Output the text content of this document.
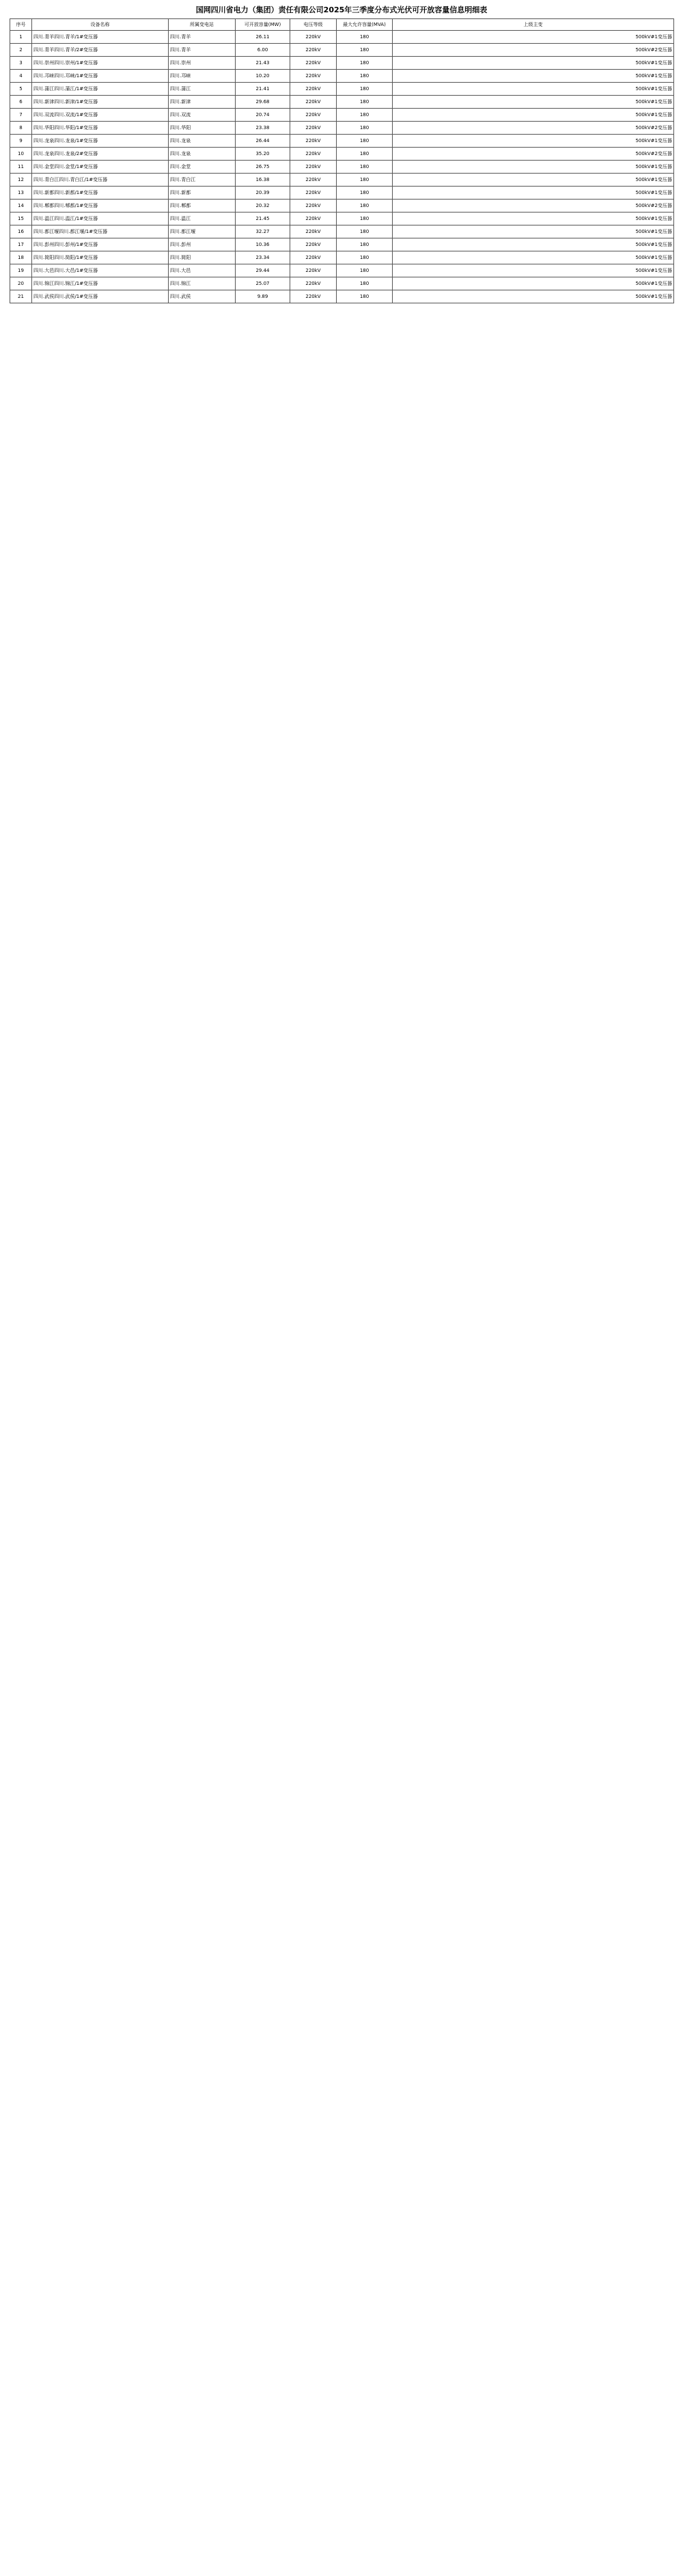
国网四川省电力（集团）责任有限公司2025年三季度分布式光伏可开放容量信息明细表
序号	设备名称	所属变电站	可开放容量(MW)	电压等级	最大允许容量(MVA)	上级主变
1	四川.青羊四川.青羊/1#变压器	四川.青羊	26.11	220kV	180	500kV#1变压器
2	四川.青羊四川.青羊/2#变压器	四川.青羊	6.00	220kV	180	500kV#2变压器
3	四川.崇州四川.崇州/1#变压器	四川.崇州	21.43	220kV	180	500kV#1变压器
4	四川.邛崃四川.邛崃/1#变压器	四川.邛崃	10.20	220kV	180	500kV#1变压器
5	四川.蒲江四川.蒲江/1#变压器	四川.蒲江	21.41	220kV	180	500kV#1变压器
6	四川.新津四川.新津/1#变压器	四川.新津	29.68	220kV	180	500kV#1变压器
7	四川.双流四川.双流/1#变压器	四川.双流	20.74	220kV	180	500kV#1变压器
8	四川.华阳四川.华阳/1#变压器	四川.华阳	23.38	220kV	180	500kV#2变压器
9	四川.龙泉四川.龙泉/1#变压器	四川.龙泉	26.44	220kV	180	500kV#1变压器
10	四川.龙泉四川.龙泉/2#变压器	四川.龙泉	35.20	220kV	180	500kV#2变压器
11	四川.金堂四川.金堂/1#变压器	四川.金堂	26.75	220kV	180	500kV#1变压器
12	四川.青白江四川.青白江/1#变压器	四川.青白江	16.38	220kV	180	500kV#1变压器
13	四川.新都四川.新都/1#变压器	四川.新都	20.39	220kV	180	500kV#1变压器
14	四川.郫都四川.郫都/1#变压器	四川.郫都	20.32	220kV	180	500kV#2变压器
15	四川.温江四川.温江/1#变压器	四川.温江	21.45	220kV	180	500kV#1变压器
16	四川.都江堰四川.都江堰/1#变压器	四川.都江堰	32.27	220kV	180	500kV#1变压器
17	四川.彭州四川.彭州/1#变压器	四川.彭州	10.36	220kV	180	500kV#1变压器
18	四川.简阳四川.简阳/1#变压器	四川.简阳	23.34	220kV	180	500kV#1变压器
19	四川.大邑四川.大邑/1#变压器	四川.大邑	29.44	220kV	180	500kV#1变压器
20	四川.锦江四川.锦江/1#变压器	四川.锦江	25.07	220kV	180	500kV#1变压器
21	四川.武侯四川.武侯/1#变压器	四川.武侯	9.89	220kV	180	500kV#1变压器
